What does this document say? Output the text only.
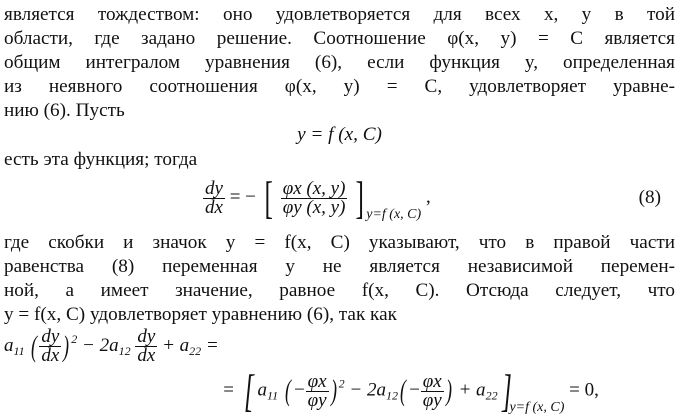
является тождеством: оно удовлетворяется для всех x, y в той
области, где задано решение. Соотношение φ(x, y) = C является
общим интегралом уравнения (6), если функция y, определенная
из неявного соотношения φ(x, y) = C, удовлетворяет уравне-
нию (6). Пусть
y = f (x, C)
есть эта функция; тогда
$\frac{dy}{dx}$ = − [ $\frac{\varphi x (x, y)}{\varphi y (x, y)}$ ] $_{y=f (x, C)}$ ,	(8)
где скобки и значок y = f(x, C) указывают, что в правой части
равенства (8) переменная y не является независимой перемен-
ной, а имеет значение, равное f(x, C). Отсюда следует, что
y = f(x, C) удовлетворяет уравнению (6), так как
$a_{11}$ ( $\frac{dy}{dx}$ ) $^2 - 2a_{12} \frac{dy}{dx} + a_{22}$ =
= [ $a_{11}$ ( − $\frac{\varphi x}{\varphi y}$ ) $^2 - 2a_{12}( - \frac{\varphi x}{\varphi y}$ ) + $a_{22}]_{y=f (x, C)} = 0$,
